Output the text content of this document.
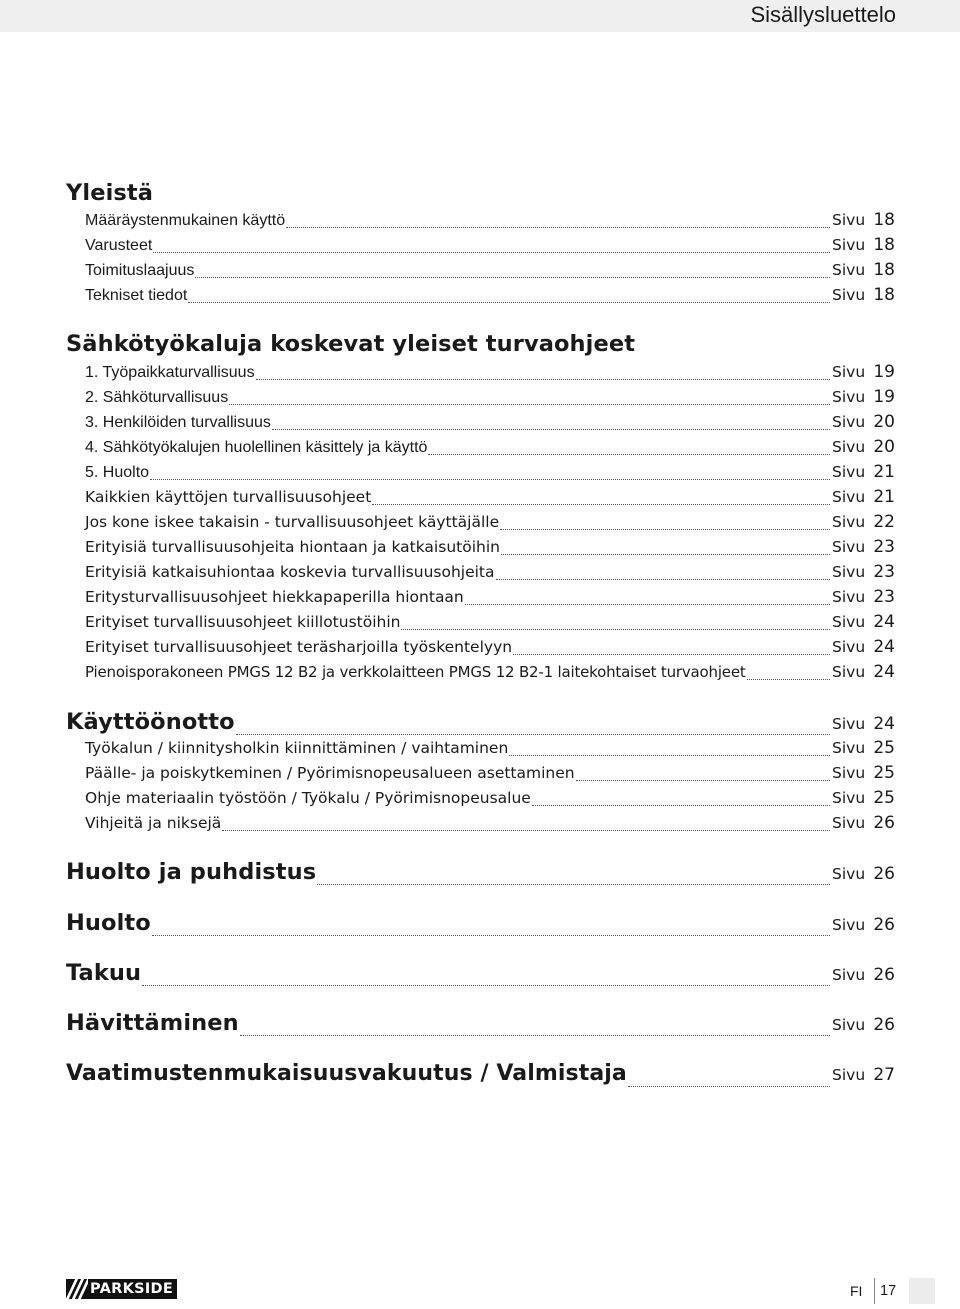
Sisällysluettelo
Yleistä
Määräystenmukainen käyttö	Sivu 18
Varusteet	Sivu 18
Toimituslaajuus	Sivu 18
Tekniset tiedot	Sivu 18
Sähkötyökaluja koskevat yleiset turvaohjeet
1. Työpaikkaturvallisuus	Sivu 19
2. Sähköturvallisuus	Sivu 19
3. Henkilöiden turvallisuus	Sivu 20
4. Sähkötyökalujen huolellinen käsittely ja käyttö	Sivu 20
5. Huolto	Sivu 21
Kaikkien käyttöjen turvallisuusohjeet	Sivu 21
Jos kone iskee takaisin - turvallisuusohjeet käyttäjälle	Sivu 22
Erityisiä turvallisuusohjeita hiontaan ja katkaisutöihin	Sivu 23
Erityisiä katkaisuhiontaa koskevia turvallisuusohjeita	Sivu 23
Eritysturvallisuusohjeet hiekkapaperilla hiontaan	Sivu 23
Erityiset turvallisuusohjeet kiillotustöihin	Sivu 24
Erityiset turvallisuusohjeet teräsharjoilla työskentelyyn	Sivu 24
Pienoisporakoneen PMGS 12 B2 ja verkkolaitteen PMGS 12 B2-1 laitekohtaiset turvaohjeet	Sivu 24
Käyttöönotto	Sivu 24
Työkalun / kiinnitysholkin kiinnittäminen / vaihtaminen	Sivu 25
Päälle- ja poiskytkeminen / Pyörimisnopeusalueen asettaminen	Sivu 25
Ohje materiaalin työstöön / Työkalu / Pyörimisnopeusalue	Sivu 25
Vihjeitä ja niksejä	Sivu 26
Huolto ja puhdistus	Sivu 26
Huolto	Sivu 26
Takuu	Sivu 26
Hävittäminen	Sivu 26
Vaatimustenmukaisuusvakuutus / Valmistaja	Sivu 27
PARKSIDE	FI 17
